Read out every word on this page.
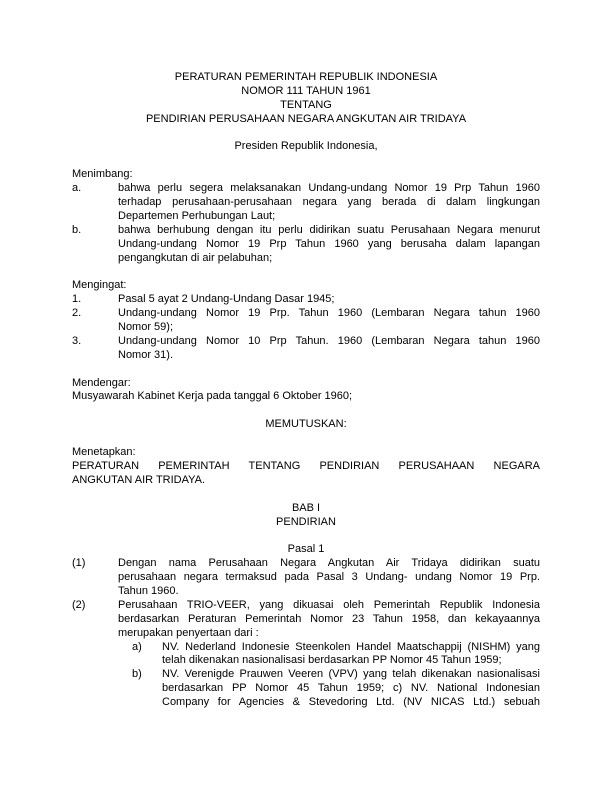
PERATURAN PEMERINTAH REPUBLIK INDONESIA
NOMOR 111 TAHUN 1961
TENTANG
PENDIRIAN PERUSAHAAN NEGARA ANGKUTAN AIR TRIDAYA
Presiden Republik Indonesia,
Menimbang:
a.	bahwa perlu segera melaksanakan Undang-undang Nomor 19 Prp Tahun 1960
terhadap perusahaan-perusahaan negara yang berada di dalam lingkungan
Departemen Perhubungan Laut;
b.	bahwa berhubung dengan itu perlu didirikan suatu Perusahaan Negara menurut
Undang-undang Nomor 19 Prp Tahun 1960 yang berusaha dalam lapangan
pengangkutan di air pelabuhan;
Mengingat:
1.	Pasal 5 ayat 2 Undang-Undang Dasar 1945;
2.	Undang-undang Nomor 19 Prp. Tahun 1960 (Lembaran Negara tahun 1960
Nomor 59);
3.	Undang-undang Nomor 10 Prp Tahun. 1960 (Lembaran Negara tahun 1960
Nomor 31).
Mendengar:
Musyawarah Kabinet Kerja pada tanggal 6 Oktober 1960;
MEMUTUSKAN:
Menetapkan:
PERATURAN PEMERINTAH TENTANG PENDIRIAN PERUSAHAAN NEGARA
ANGKUTAN AIR TRIDAYA.
BAB I
PENDIRIAN
Pasal 1
(1)	Dengan nama Perusahaan Negara Angkutan Air Tridaya didirikan suatu
perusahaan negara termaksud pada Pasal 3 Undang- undang Nomor 19 Prp.
Tahun 1960.
(2)	Perusahaan TRIO-VEER, yang dikuasai oleh Pemerintah Republik Indonesia
berdasarkan Peraturan Pemerintah Nomor 23 Tahun 1958, dan kekayaannya
merupakan penyertaan dari :
a)	NV. Nederland Indonesie Steenkolen Handel Maatschappij (NISHM) yang
telah dikenakan nasionalisasi berdasarkan PP Nomor 45 Tahun 1959;
b)	NV. Verenigde Prauwen Veeren (VPV) yang telah dikenakan nasionalisasi
berdasarkan PP Nomor 45 Tahun 1959; c) NV. National Indonesian
Company for Agencies & Stevedoring Ltd. (NV NICAS Ltd.) sebuah
